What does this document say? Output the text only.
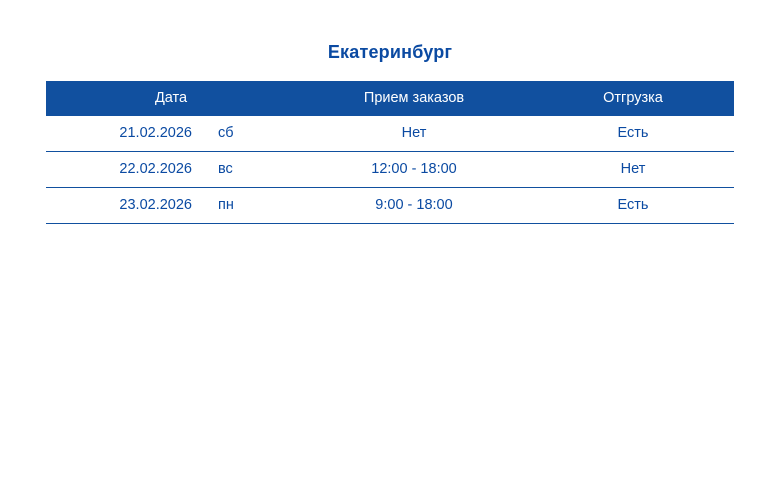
Екатеринбург
Дата	Прием заказов	Отгрузка

21.02.2026 сб	Нет	Есть

22.02.2026 вс	12:00 - 18:00	Нет

23.02.2026 пн	9:00 - 18:00	Есть
